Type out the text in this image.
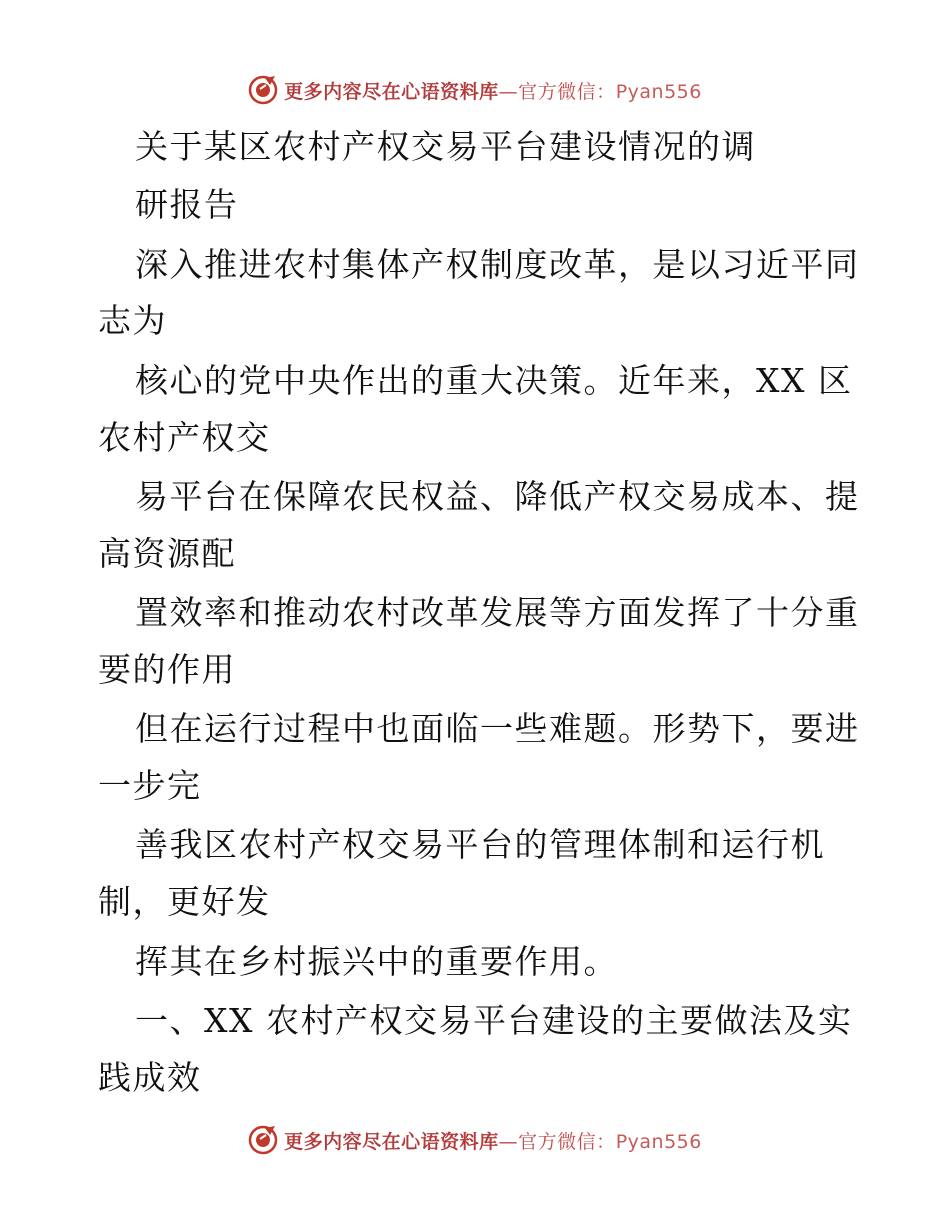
更多内容尽在心语资料库—官方微信：Pyan556
关于某区农村产权交易平台建设情况的调
研报告
深入推进农村集体产权制度改革，是以习近平同
志为
核心的党中央作出的重大决策。近年来，XX 区
农村产权交
易平台在保障农民权益、降低产权交易成本、提
高资源配
置效率和推动农村改革发展等方面发挥了十分重
要的作用
但在运行过程中也面临一些难题。形势下，要进
一步完
善我区农村产权交易平台的管理体制和运行机
制，更好发
挥其在乡村振兴中的重要作用。
一、XX 农村产权交易平台建设的主要做法及实
践成效
更多内容尽在心语资料库—官方微信：Pyan556
